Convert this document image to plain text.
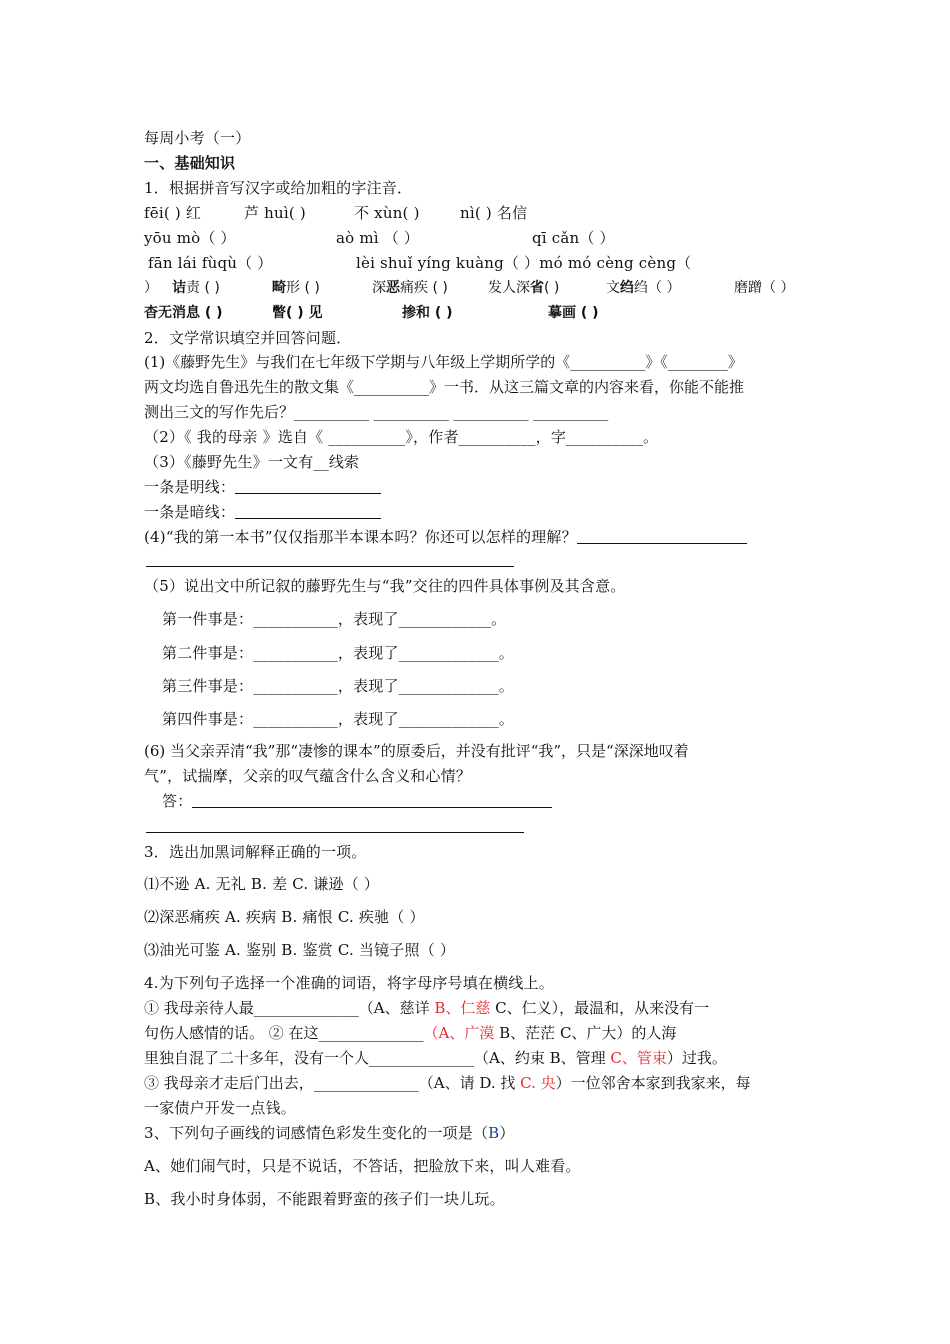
每周小考（一）
一、基础知识
1．根据拼音写汉字或给加粗的字注音．
fēi( ) 红	芦 huì( )	不 xùn( )	nì( ) 名信
yōu mò（ ）	aò mì （ ）	qī cǎn（ ）
fān lái fùqù（ ）	lèi shuǐ yíng kuàng（ ）mó mó cèng cèng（
） 诘责 ( )	畸形 ( )	深恶痛疾 ( )	发人深省( )	文绉绉（ ）	磨蹭（ ）
杳无消息 ( )	瞥( ) 见	掺和 ( )	摹画 ( )
2．文学常识填空并回答问题．
(1)《藤野先生》与我们在七年级下学期与八年级上学期所学的《__________》《________》
两文均选自鲁迅先生的散文集《__________》一书．从这三篇文章的内容来看，你能不能推
测出三文的写作先后？__________ __________ __________ __________
（2）《 我的母亲 》选自《 __________》，作者__________，字__________。
（3）《藤野先生》一文有__线索
一条是明线：
一条是暗线：
(4)“我的第一本书”仅仅指那半本课本吗？你还可以怎样的理解？
（5）说出文中所记叙的藤野先生与“我”交往的四件具体事例及其含意。
第一件事是：___________，表现了____________。
第二件事是：___________，表现了_____________。
第三件事是：___________，表现了_____________。
第四件事是：___________，表现了_____________。
(6) 当父亲弄清“我”那“凄惨的课本”的原委后，并没有批评“我”，只是“深深地叹着
气”，试揣摩，父亲的叹气蕴含什么含义和心情？
答：
3．选出加黑词解释正确的一项。
⑴不逊 A. 无礼 B. 差 C. 谦逊（ ）
⑵深恶痛疾 A. 疾病 B. 痛恨 C. 疾驰（ ）
⑶油光可鉴 A. 鉴别 B. 鉴赏 C. 当镜子照（ ）
4.为下列句子选择一个准确的词语，将字母序号填在横线上。
① 我母亲待人最______________（A、慈详 B、仁慈 C、仁义），最温和，从来没有一
句伤人感情的话。 ② 在这______________（A、广漠 B、茫茫 C、广大）的人海
里独自混了二十多年，没有一个人______________（A、约束 B、管理 C、管束）过我。
③ 我母亲才走后门出去，______________（A、请 D. 找 C. 央）一位邻舍本家到我家来，每
一家债户开发一点钱。
3、下列句子画线的词感情色彩发生变化的一项是（B）
A、她们闹气时，只是不说话，不答话，把脸放下来，叫人难看。
B、我小时身体弱，不能跟着野蛮的孩子们一块儿玩。
